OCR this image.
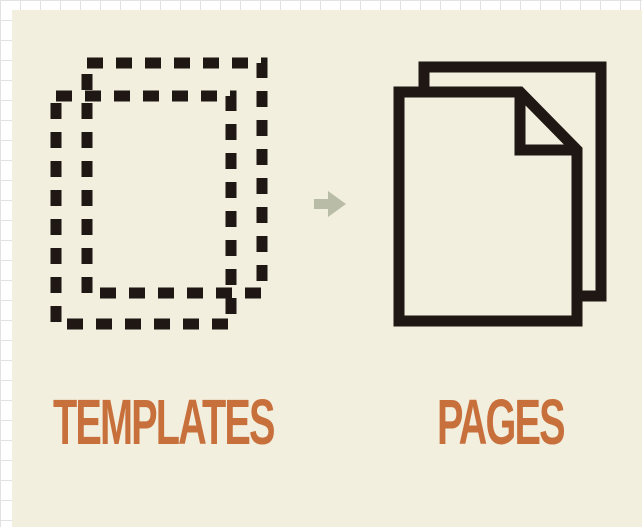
TEMPLATES	PAGES
